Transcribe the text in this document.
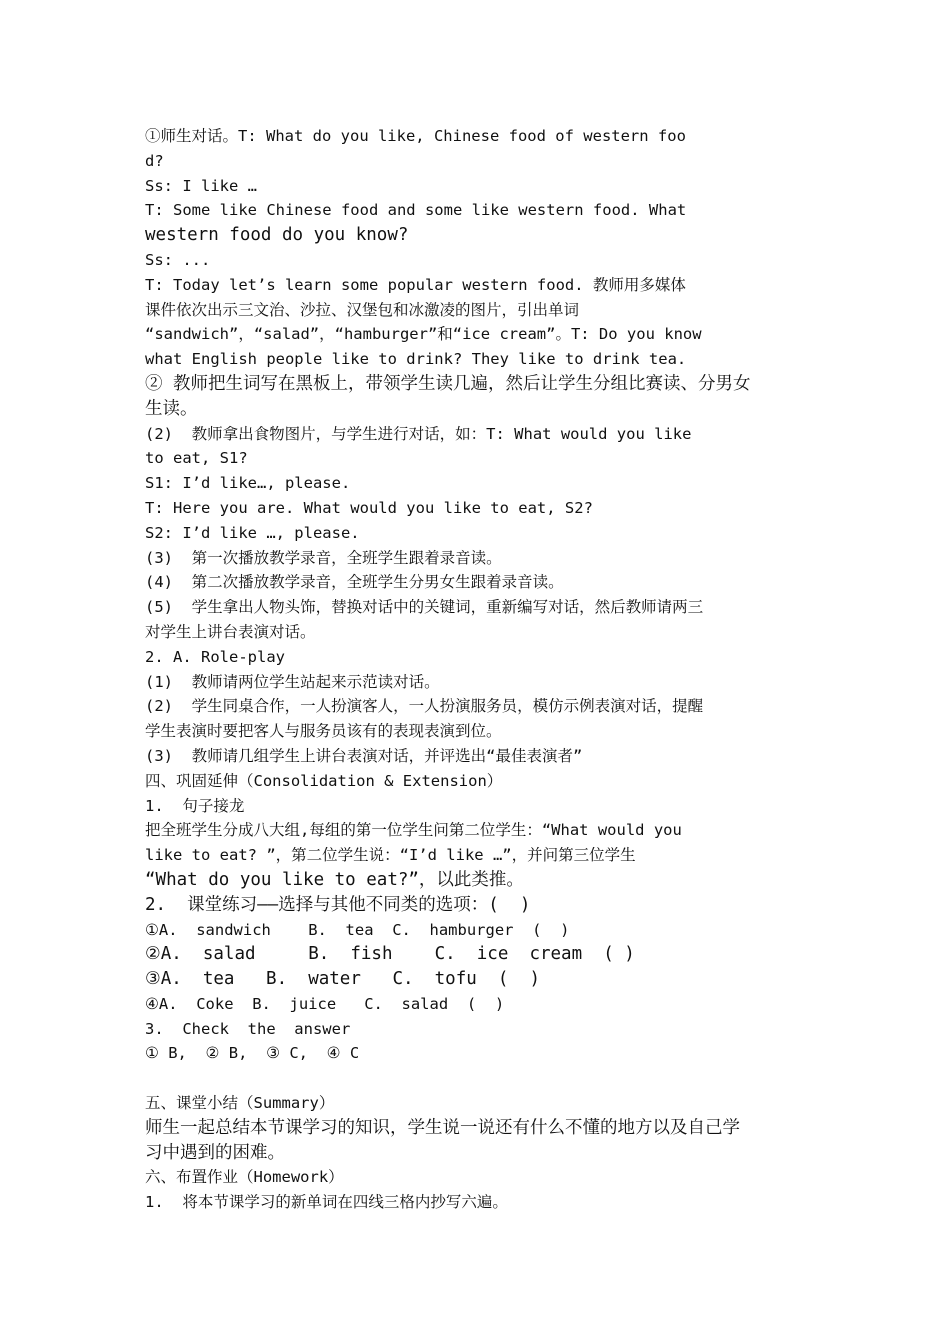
①师生对话。T: What do you like, Chinese food of western foo
d?
Ss: I like …
T: Some like Chinese food and some like western food. What
western food do you know?
Ss: ...
T: Today let’s learn some popular western food. 教师用多媒体
课件依次出示三文治、沙拉、汉堡包和冰激凌的图片，引出单词
“sandwich”，“salad”，“hamburger”和“ice cream”。T: Do you know
what English people like to drink? They like to drink tea.
② 教师把生词写在黑板上，带领学生读几遍，然后让学生分组比赛读、分男女
生读。
(2)  教师拿出食物图片，与学生进行对话，如：T: What would you like
to eat, S1?
S1: I’d like…, please.
T: Here you are. What would you like to eat, S2?
S2: I’d like …, please.
(3)  第一次播放教学录音，全班学生跟着录音读。
(4)  第二次播放教学录音，全班学生分男女生跟着录音读。
(5)  学生拿出人物头饰，替换对话中的关键词，重新编写对话，然后教师请两三
对学生上讲台表演对话。
2. A. Role-play
(1)  教师请两位学生站起来示范读对话。
(2)  学生同桌合作，一人扮演客人，一人扮演服务员，模仿示例表演对话，提醒
学生表演时要把客人与服务员该有的表现表演到位。
(3)  教师请几组学生上讲台表演对话，并评选出“最佳表演者”
四、巩固延伸（Consolidation & Extension）
1.  句子接龙
把全班学生分成八大组,每组的第一位学生问第二位学生：“What would you
like to eat? ”，第二位学生说：“I’d like …”，并问第三位学生
“What do you like to eat?”，以此类推。
2.  课堂练习——选择与其他不同类的选项：(  )
①A.  sandwich    B.  tea  C.  hamburger  (  )
②A.  salad     B.  fish    C.  ice  cream  ( )
③A.  tea   B.  water   C.  tofu  (  )
④A.  Coke  B.  juice   C.  salad  (  )
3.  Check  the  answer
① B,  ② B,  ③ C,  ④ C
五、课堂小结（Summary）
师生一起总结本节课学习的知识，学生说一说还有什么不懂的地方以及自己学
习中遇到的困难。
六、布置作业（Homework）
1.  将本节课学习的新单词在四线三格内抄写六遍。
